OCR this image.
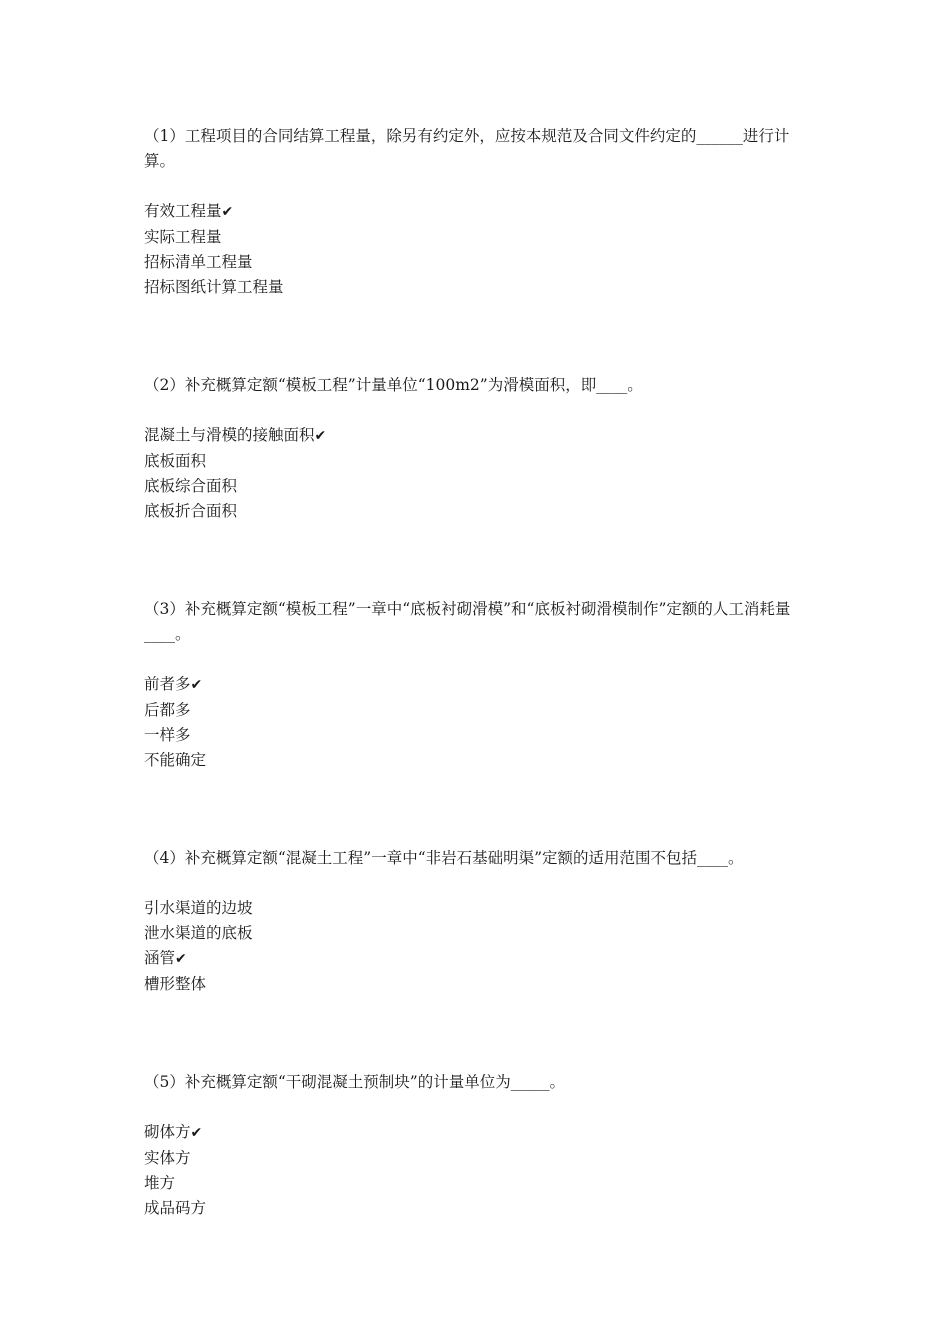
（1）工程项目的合同结算工程量，除另有约定外，应按本规范及合同文件约定的______进行计算。

有效工程量✔
实际工程量
招标清单工程量
招标图纸计算工程量

（2）补充概算定额“模板工程”计量单位“100m2”为滑模面积，即____。

混凝土与滑模的接触面积✔
底板面积
底板综合面积
底板折合面积

（3）补充概算定额“模板工程”一章中“底板衬砌滑模”和“底板衬砌滑模制作”定额的人工消耗量____。

前者多✔
后都多
一样多
不能确定

（4）补充概算定额“混凝土工程”一章中“非岩石基础明渠”定额的适用范围不包括____。

引水渠道的边坡
泄水渠道的底板
涵管✔
槽形整体

（5）补充概算定额“干砌混凝土预制块”的计量单位为_____。

砌体方✔
实体方
堆方
成品码方
